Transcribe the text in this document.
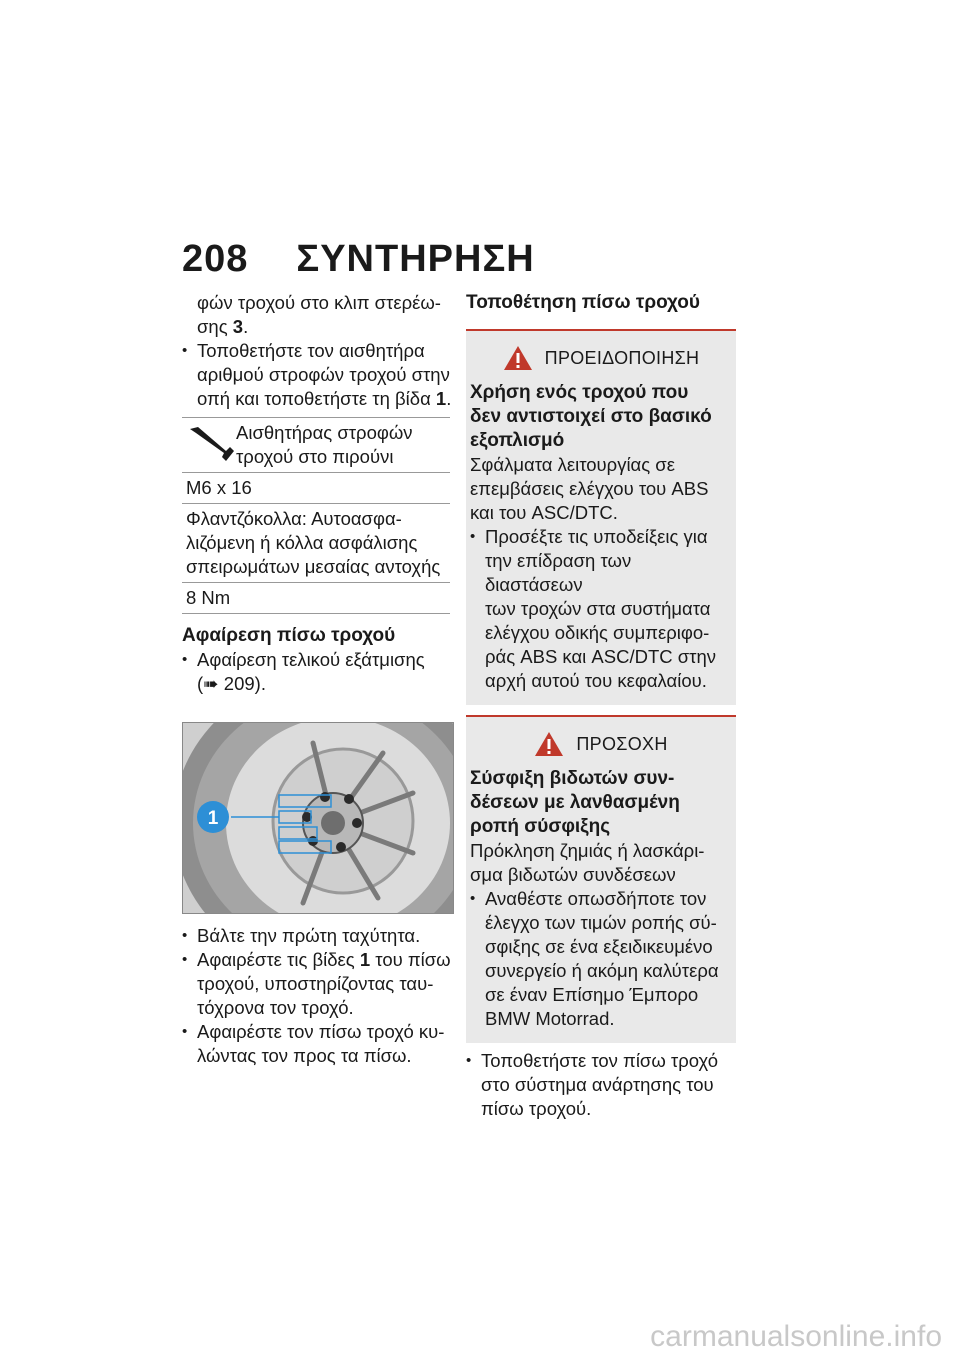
208 ΣΥΝΤΗΡΗΣΗ

φών τροχού στο κλιπ στερέω-

σης 3.

• Τοποθετήστε τον αισθητήρα

αριθμού στροφών τροχού στην

οπή και τοποθετήστε τη βίδα 1.

Αισθητήρας στροφών

τροχού στο πιρούνι

M6 x 16

Φλαντζόκολλα: Αυτοασφα-

λιζόμενη ή κόλλα ασφάλισης

σπειρωμάτων μεσαίας αντοχής

8 Nm

Αφαίρεση πίσω τροχού

• Αφαίρεση τελικού εξάτμισης

(➠ 209).

1

• Βάλτε την πρώτη ταχύτητα.

• Αφαιρέστε τις βίδες 1 του πίσω

τροχού, υποστηρίζοντας ταυ-

τόχρονα τον τροχό.

• Αφαιρέστε τον πίσω τροχό κυ-

λώντας τον προς τα πίσω.

Τοποθέτηση πίσω τροχού

ΠΡΟΕΙΔΟΠΟΙΗΣΗ

Χρήση ενός τροχού που

δεν αντιστοιχεί στο βασικό

εξοπλισμό

Σφάλματα λειτουργίας σε

επεμβάσεις ελέγχου του ABS

και του ASC/DTC.

• Προσέξτε τις υποδείξεις για

την επίδραση των διαστάσεων

των τροχών στα συστήματα

ελέγχου οδικής συμπεριφο-

ράς ABS και ASC/DTC στην

αρχή αυτού του κεφαλαίου.

ΠΡΟΣΟΧΗ

Σύσφιξη βιδωτών συν-

δέσεων με λανθασμένη

ροπή σύσφιξης

Πρόκληση ζημιάς ή λασκάρι-

σμα βιδωτών συνδέσεων

• Αναθέστε οπωσδήποτε τον

έλεγχο των τιμών ροπής σύ-

σφιξης σε ένα εξειδικευμένο

συνεργείο ή ακόμη καλύτερα

σε έναν Επίσημο Έμπορο

BMW Motorrad.

• Τοποθετήστε τον πίσω τροχό

στο σύστημα ανάρτησης του

πίσω τροχού.

carmanualsonline.info
